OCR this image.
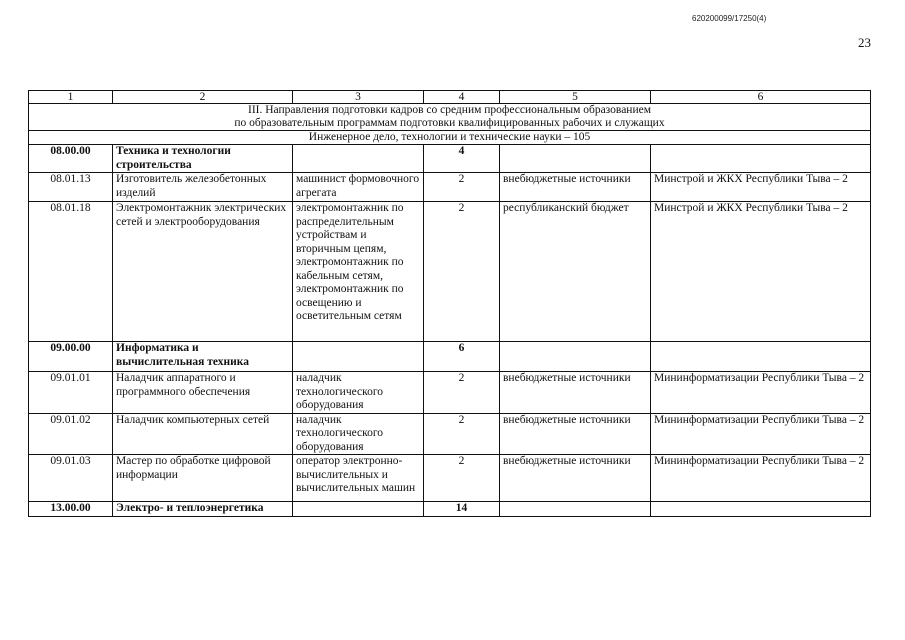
620200099/17250(4)
23
1	2	3	4	5	6

III. Направления подготовки кадров со средним профессиональным образованием
по образовательным программам подготовки квалифицированных рабочих и служащих					

Инженерное дело, технологии и технические науки – 105					
08.00.00	Техника и технологии строительства		4		
08.01.13	Изготовитель железобетонных изделий	машинист формовочного агрегата	2	внебюджетные источники	Минстрой и ЖКХ Республики Тыва – 2
08.01.18	Электромонтажник электрических сетей и электрооборудования	электромонтажник по распределительным устройствам и вторичным цепям, электромонтажник по кабельным сетям, электромонтажник по освещению и осветительным сетям	2	республиканский бюджет	Минстрой и ЖКХ Республики Тыва – 2
09.00.00	Информатика и вычислительная техника		6		
09.01.01	Наладчик аппаратного и программного обеспечения	наладчик технологического оборудования	2	внебюджетные источники	Мининформатизации Республики Тыва – 2
09.01.02	Наладчик компьютерных сетей	наладчик технологического оборудования	2	внебюджетные источники	Мининформатизации Республики Тыва – 2
09.01.03	Мастер по обработке цифровой информации	оператор электронно-вычислительных и вычислительных машин	2	внебюджетные источники	Мининформатизации Республики Тыва – 2
13.00.00	Электро- и теплоэнергетика		14		
